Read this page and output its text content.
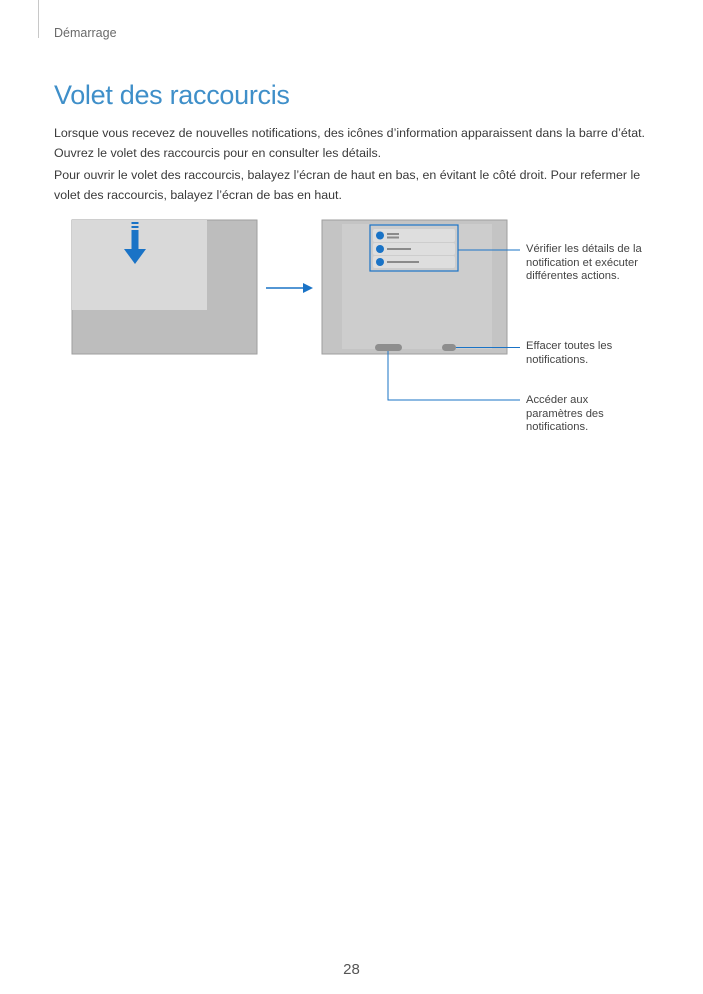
Démarrage
Volet des raccourcis

Lorsque vous recevez de nouvelles notifications, des icônes d’information apparaissent dans la barre d’état. Ouvrez le volet des raccourcis pour en consulter les détails.

Pour ouvrir le volet des raccourcis, balayez l’écran de haut en bas, en évitant le côté droit. Pour refermer le volet des raccourcis, balayez l’écran de bas en haut.

Vérifier les détails de la notification et exécuter différentes actions.
Effacer toutes les notifications.
Accéder aux paramètres des notifications.
28
